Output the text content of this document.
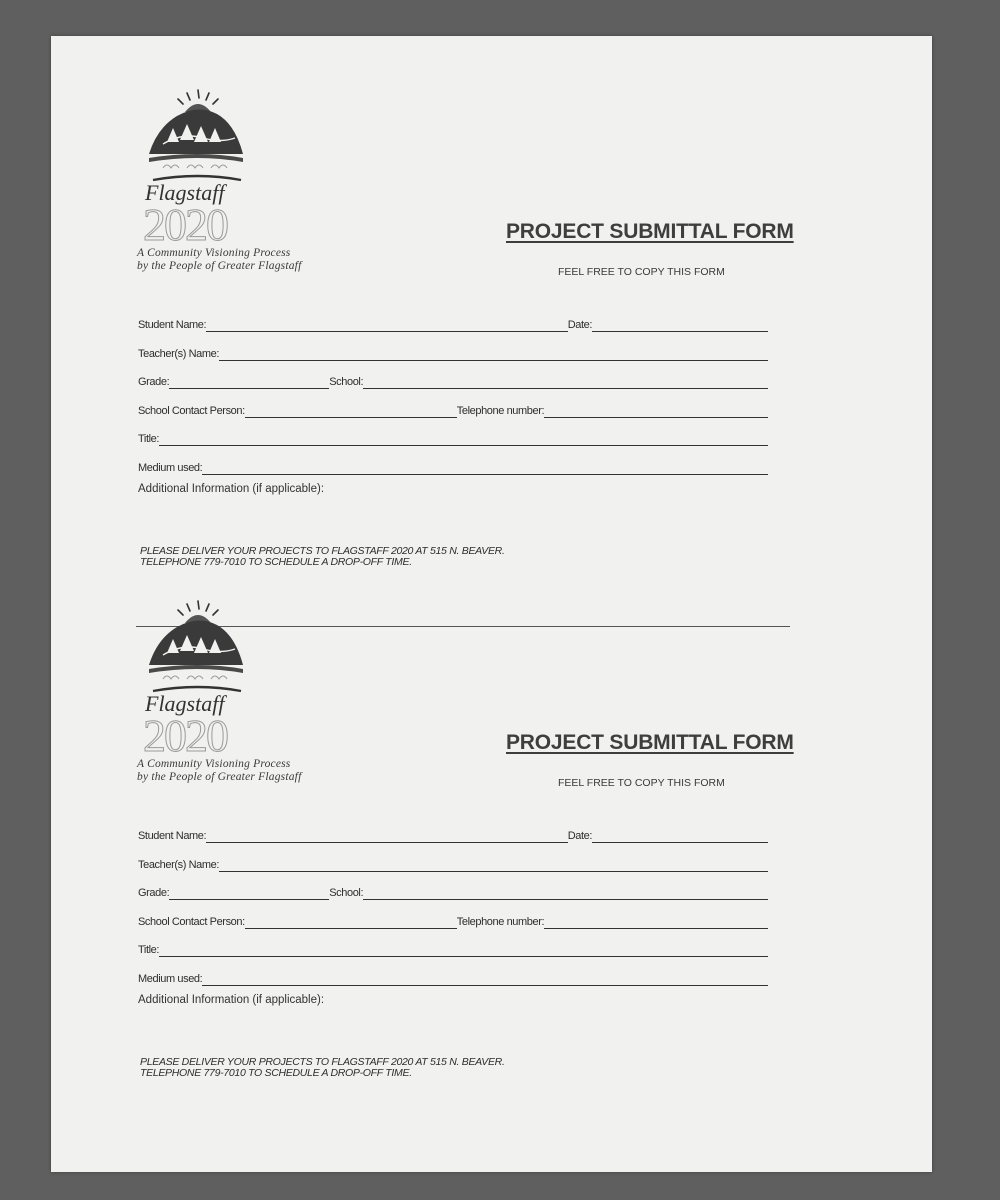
Flagstaff
2020
A Community Visioning Process
by the People of Greater Flagstaff
PROJECT SUBMITTAL FORM
FEEL FREE TO COPY THIS FORM
Student Name:	Date:
Teacher(s) Name:
Grade:	School:
School Contact Person:	Telephone number:
Title:
Medium used:
Additional Information (if applicable):
PLEASE DELIVER YOUR PROJECTS TO FLAGSTAFF 2020 AT 515 N. BEAVER.
TELEPHONE 779-7010 TO SCHEDULE A DROP-OFF TIME.
Flagstaff
2020
A Community Visioning Process
by the People of Greater Flagstaff
PROJECT SUBMITTAL FORM
FEEL FREE TO COPY THIS FORM
Student Name:	Date:
Teacher(s) Name:
Grade:	School:
School Contact Person:	Telephone number:
Title:
Medium used:
Additional Information (if applicable):
PLEASE DELIVER YOUR PROJECTS TO FLAGSTAFF 2020 AT 515 N. BEAVER.
TELEPHONE 779-7010 TO SCHEDULE A DROP-OFF TIME.
